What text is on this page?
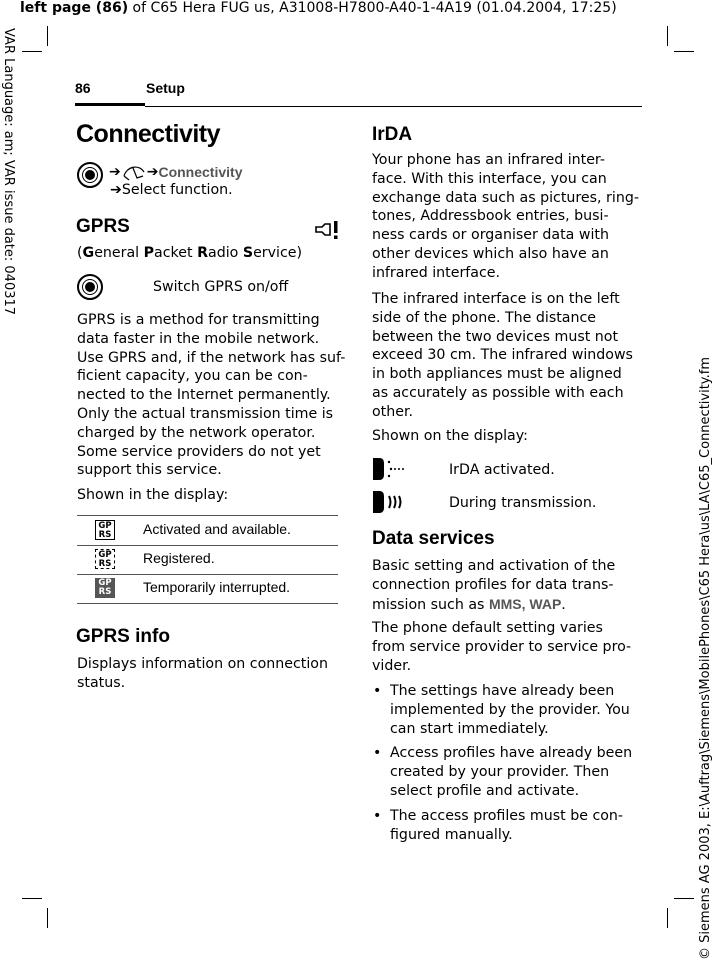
left page (86) of C65 Hera FUG us, A31008-H7800-A40-1-4A19 (01.04.2004, 17:25)
VAR Language: am; VAR issue date: 040317
© Siemens AG 2003, E:\Auftrag\Siemens\MobilePhones\C65 Hera\us\LA\C65_Connectivity.fm
86	Setup
Connectivity
➔ ➔ Connectivity
➔Select function.
GPRS
(General Packet Radio Service)
Switch GPRS on/off
GPRS is a method for transmitting
data faster in the mobile network.
Use GPRS and, if the network has suf-
ficient capacity, you can be con-
nected to the Internet permanently.
Only the actual transmission time is
charged by the network operator.
Some service providers do not yet
support this service.
Shown in the display:
GP
RS Activated and available.
GP
RS Registered.
GP
RS Temporarily interrupted.
GPRS info
Displays information on connection
status.
IrDA
Your phone has an infrared inter-
face. With this interface, you can
exchange data such as pictures, ring-
tones, Addressbook entries, busi-
ness cards or organiser data with
other devices which also have an
infrared interface.
The infrared interface is on the left
side of the phone. The distance
between the two devices must not
exceed 30 cm. The infrared windows
in both appliances must be aligned
as accurately as possible with each
other.
Shown on the display:
IrDA activated.
During transmission.
Data services
Basic setting and activation of the
connection profiles for data trans-
mission such as MMS, WAP.
The phone default setting varies
from service provider to service pro-
vider.
• The settings have already been
implemented by the provider. You
can start immediately.
• Access profiles have already been
created by your provider. Then
select profile and activate.
• The access profiles must be con-
figured manually.
